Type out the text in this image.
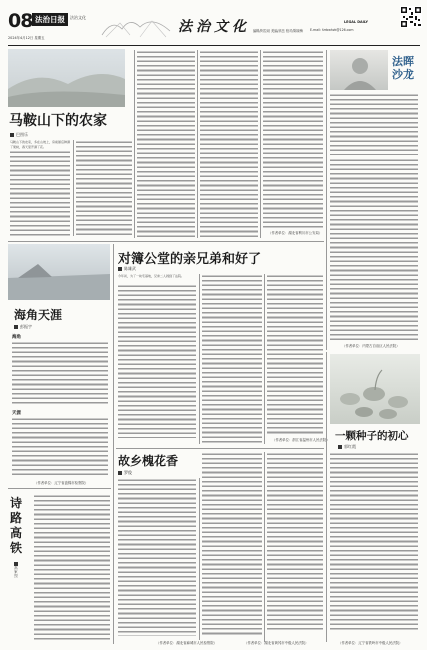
08 法治日报
2024年4月12日 星期五
法治文化
法治文化	LEGAL DAILY
编辑/阿拉坦 美编/高岳 校对/陈晓梅 E-mail: fzrbwhzk@126.com
马鞍山下的农家
巴图乐
马鞍山下的农家，多在山坡上，房前屋后种满了果树，春天里开满了花。
（作者单位：湖北省利川市公安局）
法晖沙龙
（作者单位：内蒙古自治区人民法院）
对簿公堂的亲兄弟和好了
陈雄武
今年初，为了一块宅基地，兄弟二人闹到了法院。
（作者单位：浙江省温州市人民法院）
海角天涯
彭振宇
海角
天涯
（作者单位：辽宁省盘锦市检察院）
诗路高铁
高家烈
故乡槐花香
罗俊
（作者单位：湖北省麻城市人民检察院）	（作者单位：湖北省黄冈市中级人民法院）
一颗种子的初心
郭红霞
（作者单位：辽宁省铁岭市中级人民法院）
